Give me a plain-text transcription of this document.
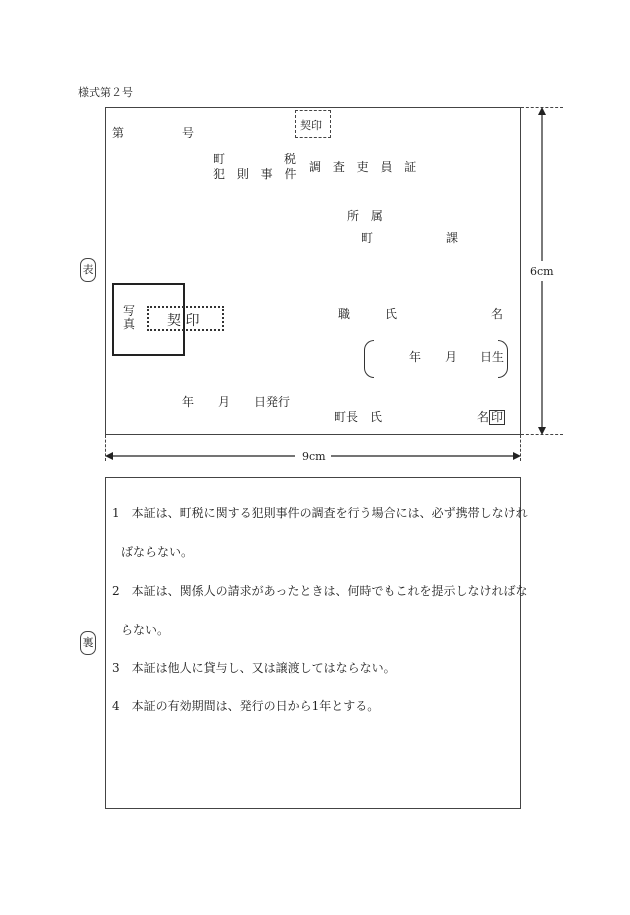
様式第２号
表
第	号
契印
町	税
犯 則 事 件 調 査 吏 員 証
所 属
町	課
写
真 契 印	職	氏	名
年 月 日生
年 月 日発行
町長 氏	名 印
6cm
9cm
裏
1　本証は、町税に関する犯則事件の調査を行う場合には、必ず携帯しなけれ
ばならない。
2　本証は、関係人の請求があったときは、何時でもこれを提示しなければな
らない。
3　本証は他人に貸与し、又は譲渡してはならない。
4　本証の有効期間は、発行の日から1年とする。
